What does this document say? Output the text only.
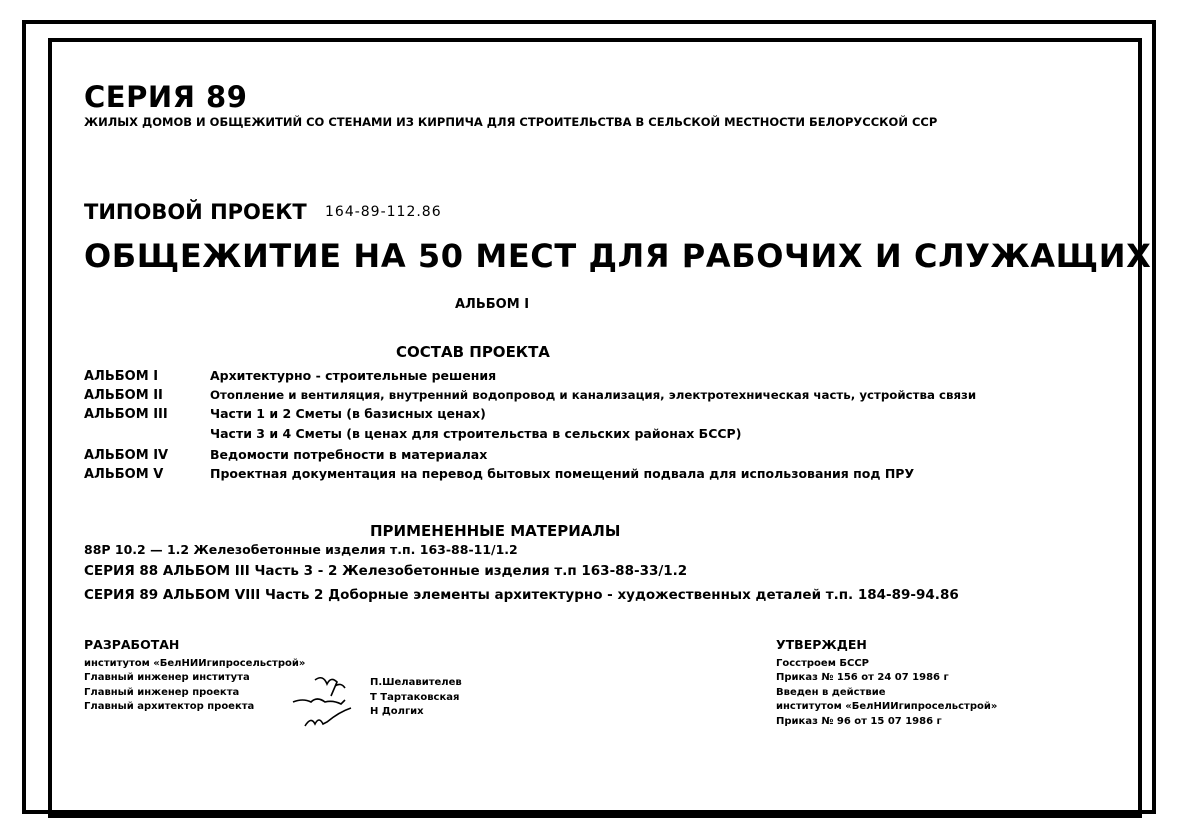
СЕРИЯ 89
ЖИЛЫХ ДОМОВ И ОБЩЕЖИТИЙ СО СТЕНАМИ ИЗ КИРПИЧА ДЛЯ СТРОИТЕЛЬСТВА В СЕЛЬСКОЙ МЕСТНОСТИ БЕЛОРУССКОЙ ССР
ТИПОВОЙ ПРОЕКТ 164-89-112.86
ОБЩЕЖИТИЕ НА 50 МЕСТ ДЛЯ РАБОЧИХ И СЛУЖАЩИХ
АЛЬБОМ I
СОСТАВ ПРОЕКТА
АЛЬБОМ I	Архитектурно - строительные решения
АЛЬБОМ II	Отопление и вентиляция, внутренний водопровод и канализация, электротехническая часть, устройства связи
АЛЬБОМ III	Части 1 и 2 Сметы (в базисных ценах)
Части 3 и 4 Сметы (в ценах для строительства в сельских районах БССР)
АЛЬБОМ IV	Ведомости потребности в материалах
АЛЬБОМ V	Проектная документация на перевод бытовых помещений подвала для использования под ПРУ
ПРИМЕНЕННЫЕ МАТЕРИАЛЫ
88Р 10.2 — 1.2 Железобетонные изделия т.п. 163-88-11/1.2
СЕРИЯ 88 АЛЬБОМ III Часть 3 - 2 Железобетонные изделия т.п 163-88-33/1.2
СЕРИЯ 89 АЛЬБОМ VIII Часть 2 Доборные элементы архитектурно - художественных деталей т.п. 184-89-94.86
РАЗРАБОТАН
институтом «БелНИИгипросельстрой»
Главный инженер института
Главный инженер проекта
Главный архитектор проекта
П.Шелавителев
Т Тартаковская
Н Долгих
УТВЕРЖДЕН
Госстроем БССР
Приказ № 156 от 24 07 1986 г
Введен в действие
институтом «БелНИИгипросельстрой»
Приказ № 96 от 15 07 1986 г
